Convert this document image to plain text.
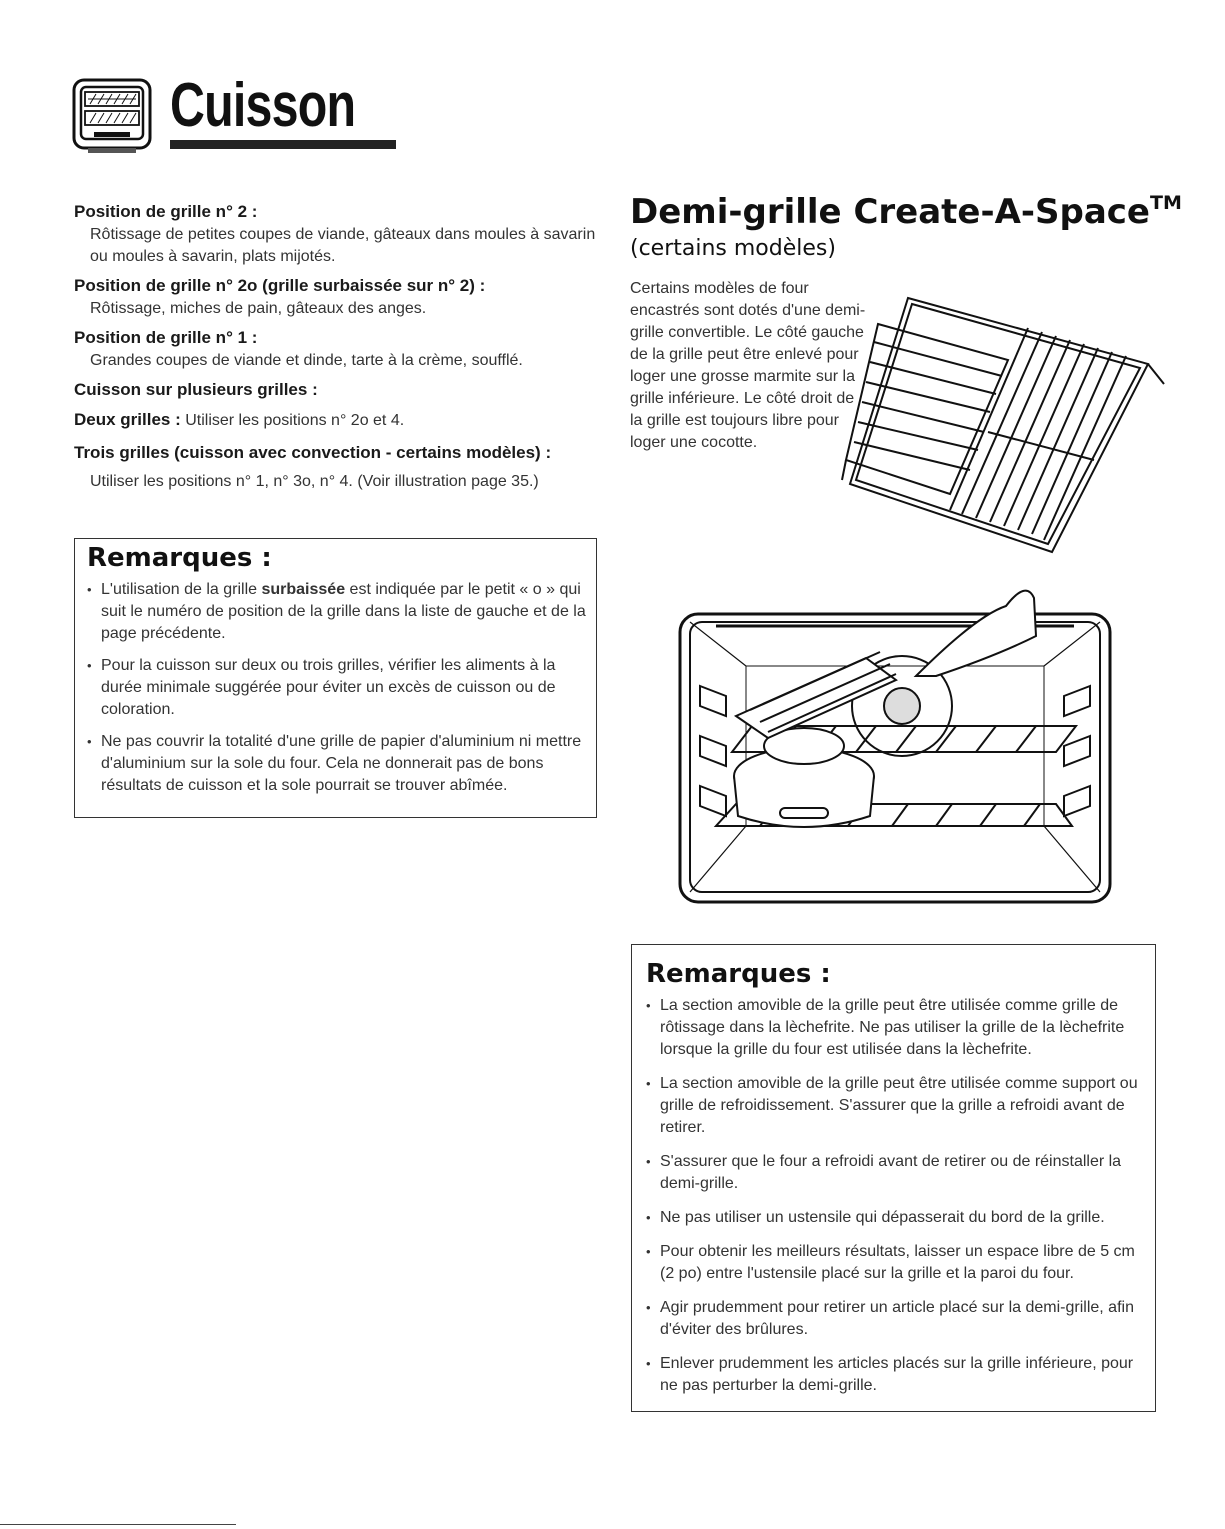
Cuisson
Position de grille n° 2 :
Rôtissage de petites coupes de viande, gâteaux dans moules à savarin ou moules à savarin, plats mijotés.
Position de grille n° 2o (grille surbaissée sur n° 2) :
Rôtissage, miches de pain, gâteaux des anges.
Position de grille n° 1 :
Grandes coupes de viande et dinde, tarte à la crème, soufflé.
Cuisson sur plusieurs grilles :

Deux grilles : Utiliser les positions n° 2o et 4.

Trois grilles (cuisson avec convection - certains modèles) :
Utiliser les positions n° 1, n° 3o, n° 4. (Voir illustration page 35.)
Remarques :
• L'utilisation de la grille surbaissée est indiquée par le petit « o » qui suit le numéro de position de la grille dans la liste de gauche et de la page précédente.
• Pour la cuisson sur deux ou trois grilles, vérifier les aliments à la durée minimale suggérée pour éviter un excès de cuisson ou de coloration.
• Ne pas couvrir la totalité d'une grille de papier d'aluminium ni mettre d'aluminium sur la sole du four. Cela ne donnerait pas de bons résultats de cuisson et la sole pourrait se trouver abîmée.
Demi-grille Create-A-Space™

(certains modèles)

Certains modèles de four encastrés sont dotés d'une demi-grille convertible. Le côté gauche de la grille peut être enlevé pour loger une grosse marmite sur la grille inférieure. Le côté droit de la grille est toujours libre pour loger une cocotte.

Remarques :
• La section amovible de la grille peut être utilisée comme grille de rôtissage dans la lèchefrite. Ne pas utiliser la grille de la lèchefrite lorsque la grille du four est utilisée dans la lèchefrite.
• La section amovible de la grille peut être utilisée comme support ou grille de refroidissement. S'assurer que la grille a refroidi avant de retirer.
• S'assurer que le four a refroidi avant de retirer ou de réinstaller la demi-grille.
• Ne pas utiliser un ustensile qui dépasserait du bord de la grille.
• Pour obtenir les meilleurs résultats, laisser un espace libre de 5 cm (2 po) entre l'ustensile placé sur la grille et la paroi du four.
• Agir prudemment pour retirer un article placé sur la demi-grille, afin d'éviter des brûlures.
• Enlever prudemment les articles placés sur la grille inférieure, pour ne pas perturber la demi-grille.
